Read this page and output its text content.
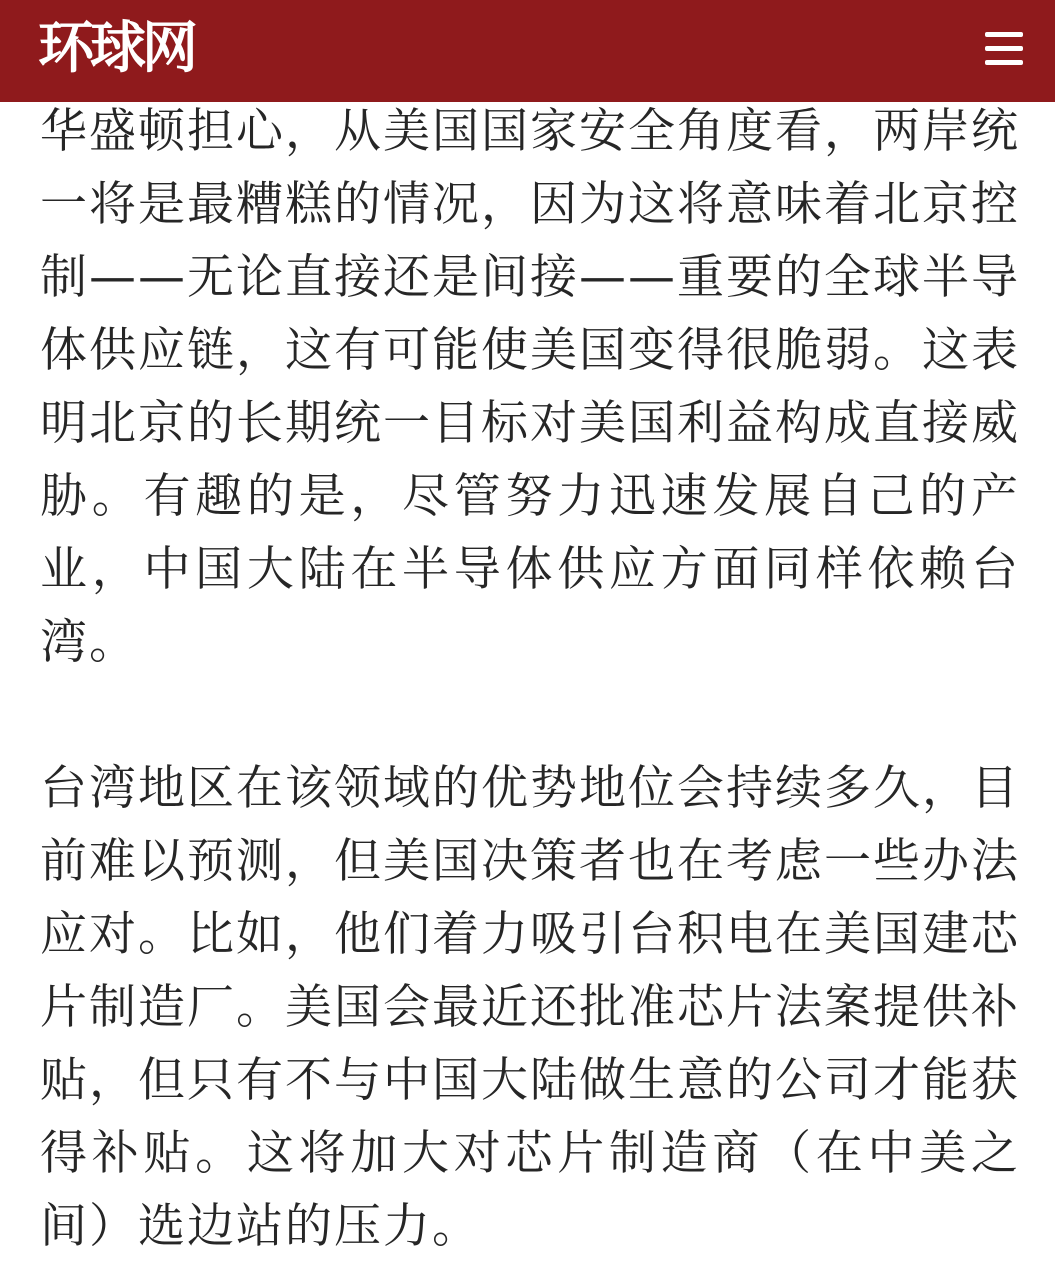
环球网

华盛顿担心，从美国国家安全角度看，两岸统一将是最糟糕的情况，因为这将意味着北京控制——无论直接还是间接——重要的全球半导体供应链，这有可能使美国变得很脆弱。这表明北京的长期统一目标对美国利益构成直接威胁。有趣的是，尽管努力迅速发展自己的产业，中国大陆在半导体供应方面同样依赖台湾。

台湾地区在该领域的优势地位会持续多久，目前难以预测，但美国决策者也在考虑一些办法应对。比如，他们着力吸引台积电在美国建芯片制造厂。美国会最近还批准芯片法案提供补贴，但只有不与中国大陆做生意的公司才能获得补贴。这将加大对芯片制造商（在中美之间）选边站的压力。
